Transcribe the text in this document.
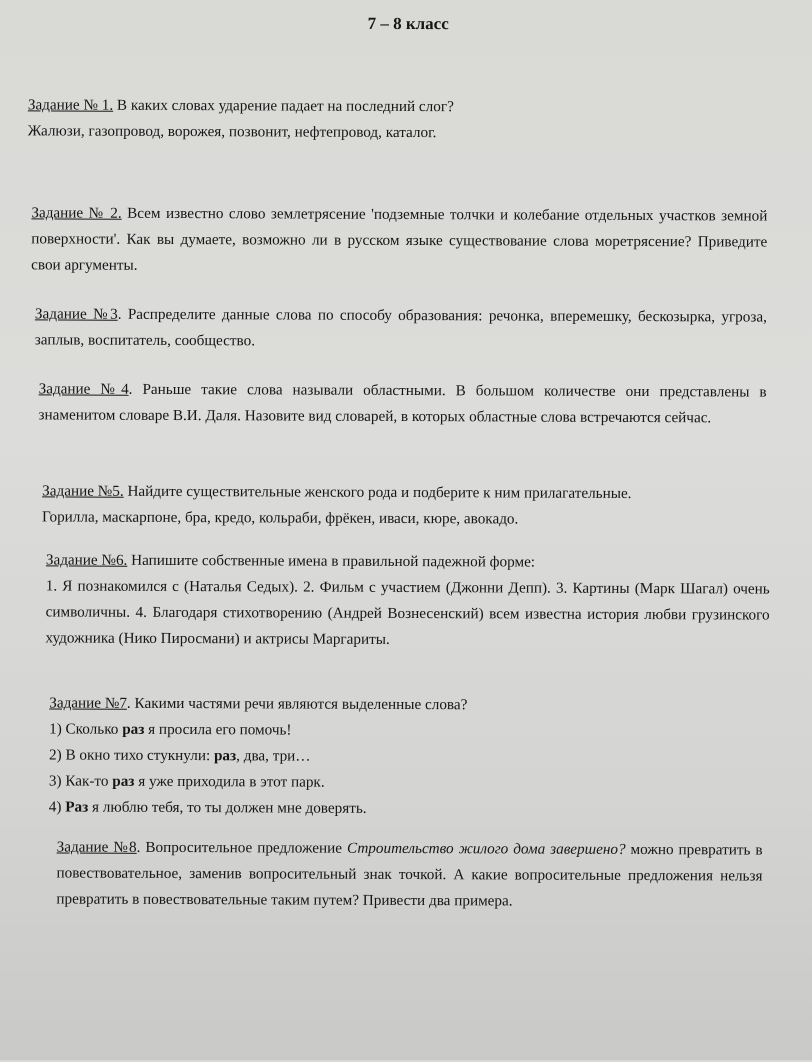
7 – 8 класс
Задание № 1. В каких словах ударение падает на последний слог?
Жалюзи, газопровод, ворожея, позвонит, нефтепровод, каталог.
Задание № 2. Всем известно слово землетрясение 'подземные толчки и колебание отдельных участков земной поверхности'. Как вы думаете, возможно ли в русском языке существование слова моретрясение? Приведите свои аргументы.
Задание №3. Распределите данные слова по способу образования: речонка, вперемешку, бескозырка, угроза, заплыв, воспитатель, сообщество.
Задание №4. Раньше такие слова называли областными. В большом количестве они представлены в знаменитом словаре В.И. Даля. Назовите вид словарей, в которых областные слова встречаются сейчас.
Задание №5. Найдите существительные женского рода и подберите к ним прилагательные.
Горилла, маскарпоне, бра, кредо, кольраби, фрёкен, иваси, кюре, авокадо.
Задание №6. Напишите собственные имена в правильной падежной форме:
1. Я познакомился с (Наталья Седых). 2. Фильм с участием (Джонни Депп). 3. Картины (Марк Шагал) очень символичны. 4. Благодаря стихотворению (Андрей Вознесенский) всем известна история любви грузинского художника (Нико Пиросмани) и актрисы Маргариты.
Задание №7. Какими частями речи являются выделенные слова?
1) Сколько раз я просила его помочь!
2) В окно тихо стукнули: раз, два, три…
3) Как-то раз я уже приходила в этот парк.
4) Раз я люблю тебя, то ты должен мне доверять.
Задание №8. Вопросительное предложение Строительство жилого дома завершено? можно превратить в повествовательное, заменив вопросительный знак точкой. А какие вопросительные предложения нельзя превратить в повествовательные таким путем? Привести два примера.
